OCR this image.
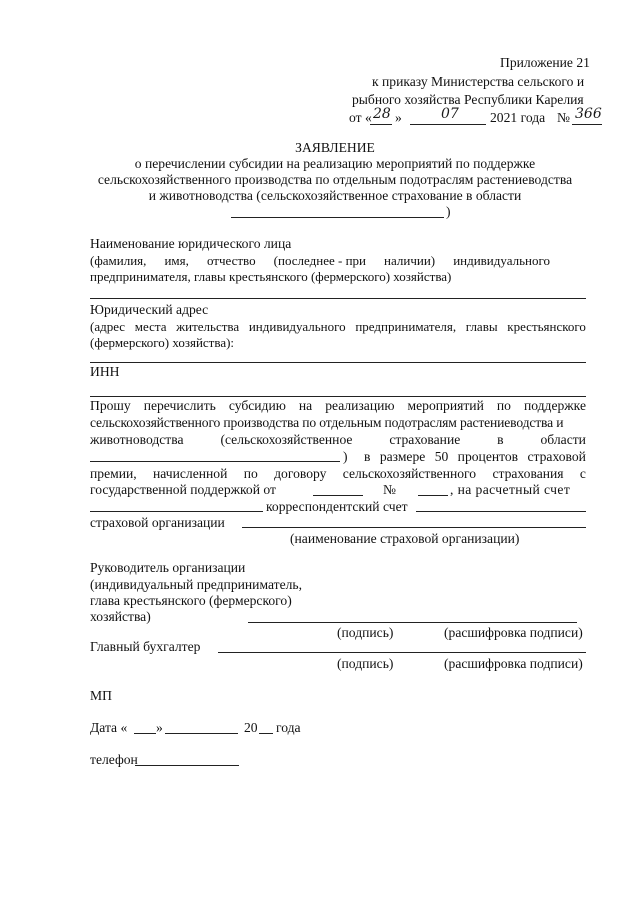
Приложение 21
к приказу Министерства сельского и
рыбного хозяйства Республики Карелия
от « 28 »	07 2021 года № 366
ЗАЯВЛЕНИЕ
о перечислении субсидии на реализацию мероприятий по поддержке
сельскохозяйственного производства по отдельным подотраслям растениеводства
и животноводства (сельскохозяйственное страхование в области
)
Наименование юридического лица
(фамилия, имя, отчество (последнее - при наличии) индивидуального
предпринимателя, главы крестьянского (фермерского) хозяйства)
Юридический адрес
(адрес места жительства индивидуального предпринимателя, главы крестьянского
(фермерского) хозяйства):
ИНН
Прошу перечислить субсидию на реализацию мероприятий по поддержке
сельскохозяйственного производства по отдельным подотраслям растениеводства и
животноводства	(сельскохозяйственное	страхование	в	области
) в размере 50 процентов страховой
премии, начисленной по договору сельскохозяйственного страхования с
государственной поддержкой от	№	, на расчетный счет
корреспондентский счет
страховой организации
(наименование страховой организации)
Руководитель организации
(индивидуальный предприниматель,
глава крестьянского (фермерского)
хозяйства)
(подпись)	(расшифровка подписи)
Главный бухгалтер
(подпись)	(расшифровка подписи)
МП
Дата « »	20 года
телефон
